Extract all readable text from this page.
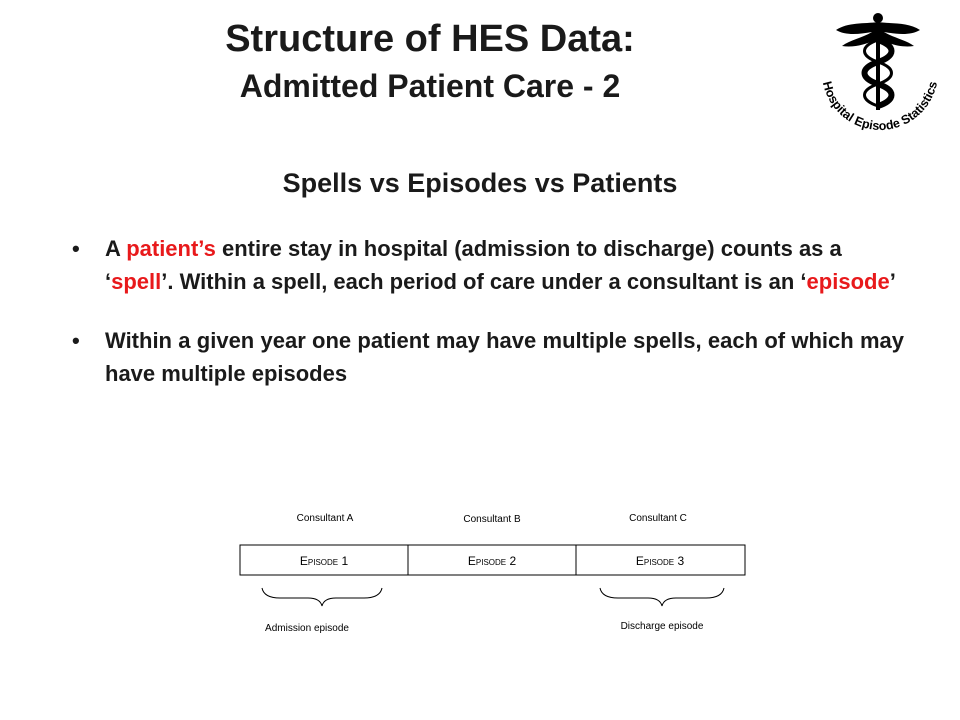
Structure of HES Data:
Admitted Patient Care - 2	Hospital Episode Statistics
Spells vs Episodes vs Patients
• A patient’s entire stay in hospital (admission to discharge) counts as a ‘spell’. Within a spell, each period of care under a consultant is an ‘episode’
• Within a given year one patient may have multiple spells, each of which may have multiple episodes
Consultant A	Consultant B	Consultant C
Episode 1	Episode 2	Episode 3
Admission episode	Discharge episode
